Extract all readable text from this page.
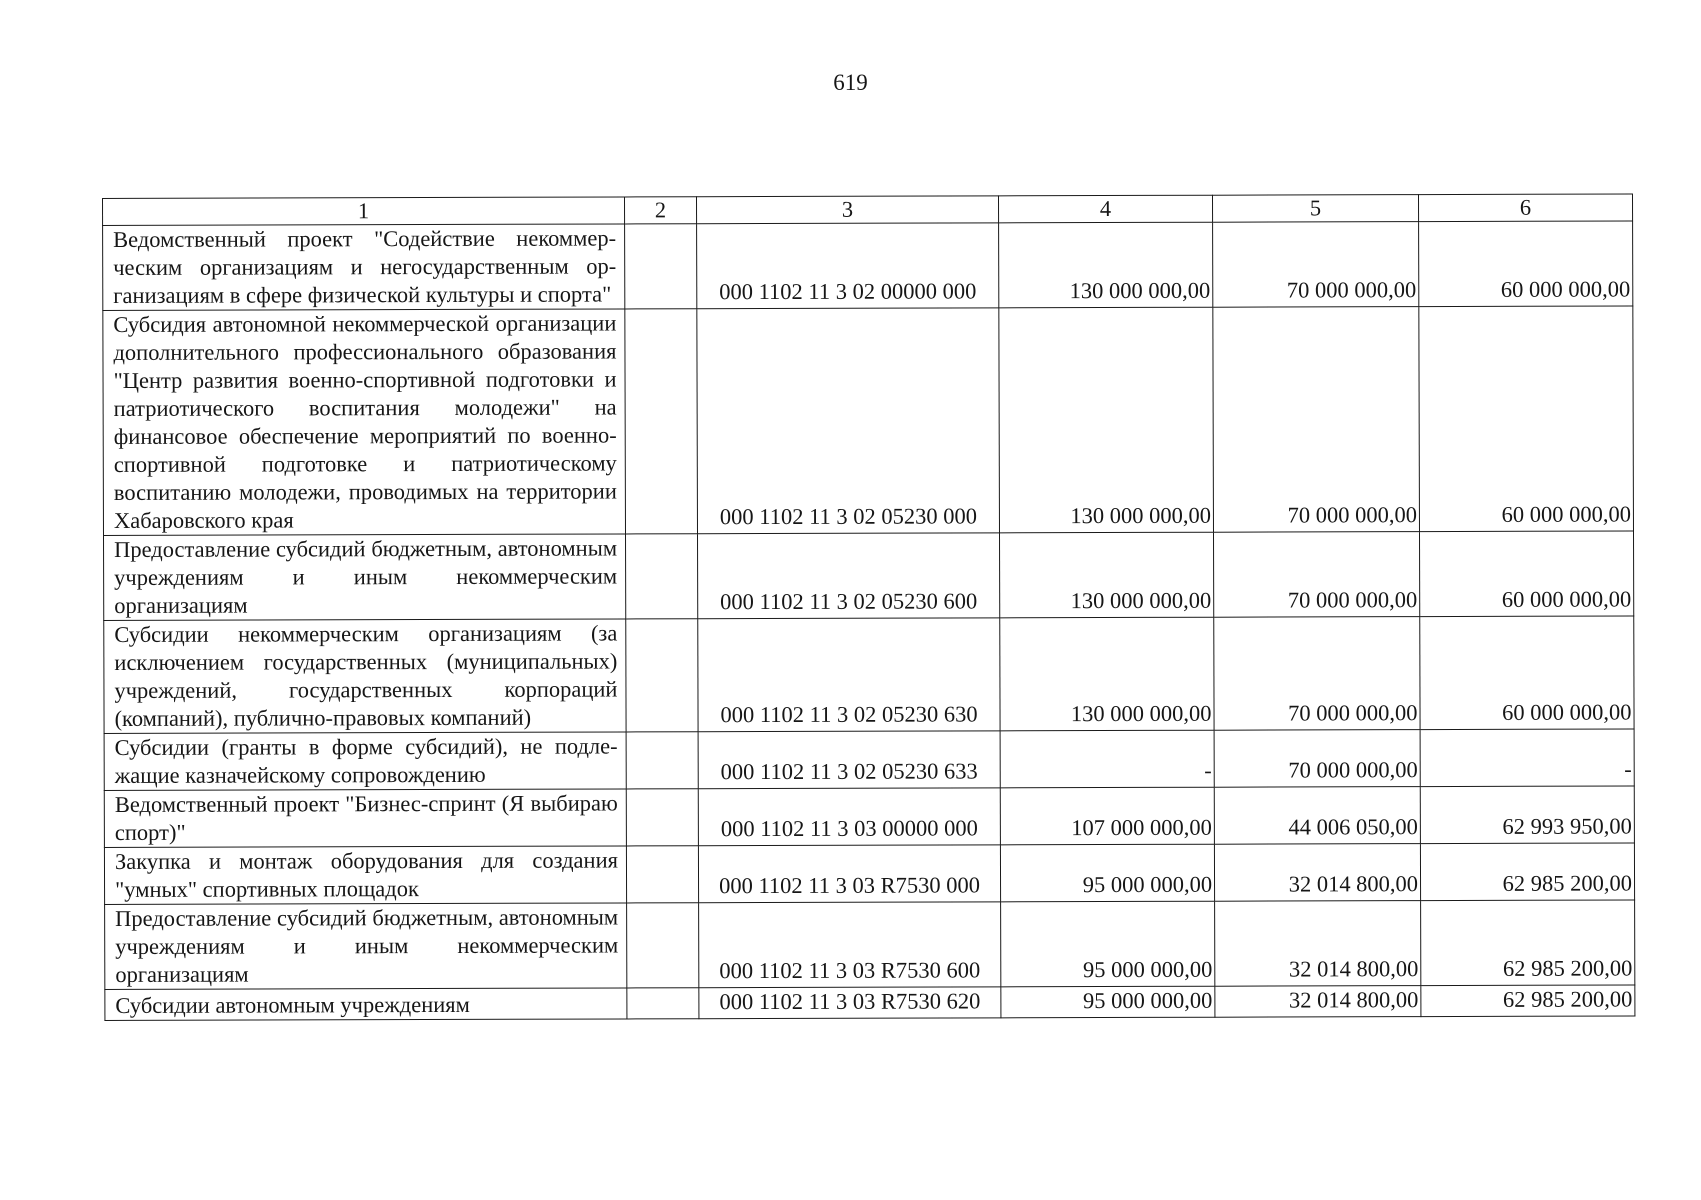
619
1	2	3	4	5	6
Ведомственный проект "Содействие некоммерческим организациям и негосударственным организациям в сфере физической культуры и спорта"		000 1102 11 3 02 00000 000	130 000 000,00	70 000 000,00	60 000 000,00
Субсидия автономной некоммерческой организации дополнительного профессионального образования "Центр развития военно-спортивной подготовки и патриотического воспитания молодежи" на финансовое обеспечение мероприятий по военно-спортивной подготовке и патриотическому воспитанию молодежи, проводимых на территории Хабаровского края		000 1102 11 3 02 05230 000	130 000 000,00	70 000 000,00	60 000 000,00
Предоставление субсидий бюджетным, автономным учреждениям и иным некоммерческим организациям		000 1102 11 3 02 05230 600	130 000 000,00	70 000 000,00	60 000 000,00
Субсидии некоммерческим организациям (за исключением государственных (муниципальных) учреждений, государственных корпораций (компаний), публично-правовых компаний)		000 1102 11 3 02 05230 630	130 000 000,00	70 000 000,00	60 000 000,00
Субсидии (гранты в форме субсидий), не подлежащие казначейскому сопровождению		000 1102 11 3 02 05230 633	-	70 000 000,00	-
Ведомственный проект "Бизнес-спринт (Я выбираю спорт)"		000 1102 11 3 03 00000 000	107 000 000,00	44 006 050,00	62 993 950,00
Закупка и монтаж оборудования для создания "умных" спортивных площадок		000 1102 11 3 03 R7530 000	95 000 000,00	32 014 800,00	62 985 200,00
Предоставление субсидий бюджетным, автономным учреждениям и иным некоммерческим организациям		000 1102 11 3 03 R7530 600	95 000 000,00	32 014 800,00	62 985 200,00
Субсидии автономным учреждениям		000 1102 11 3 03 R7530 620	95 000 000,00	32 014 800,00	62 985 200,00
